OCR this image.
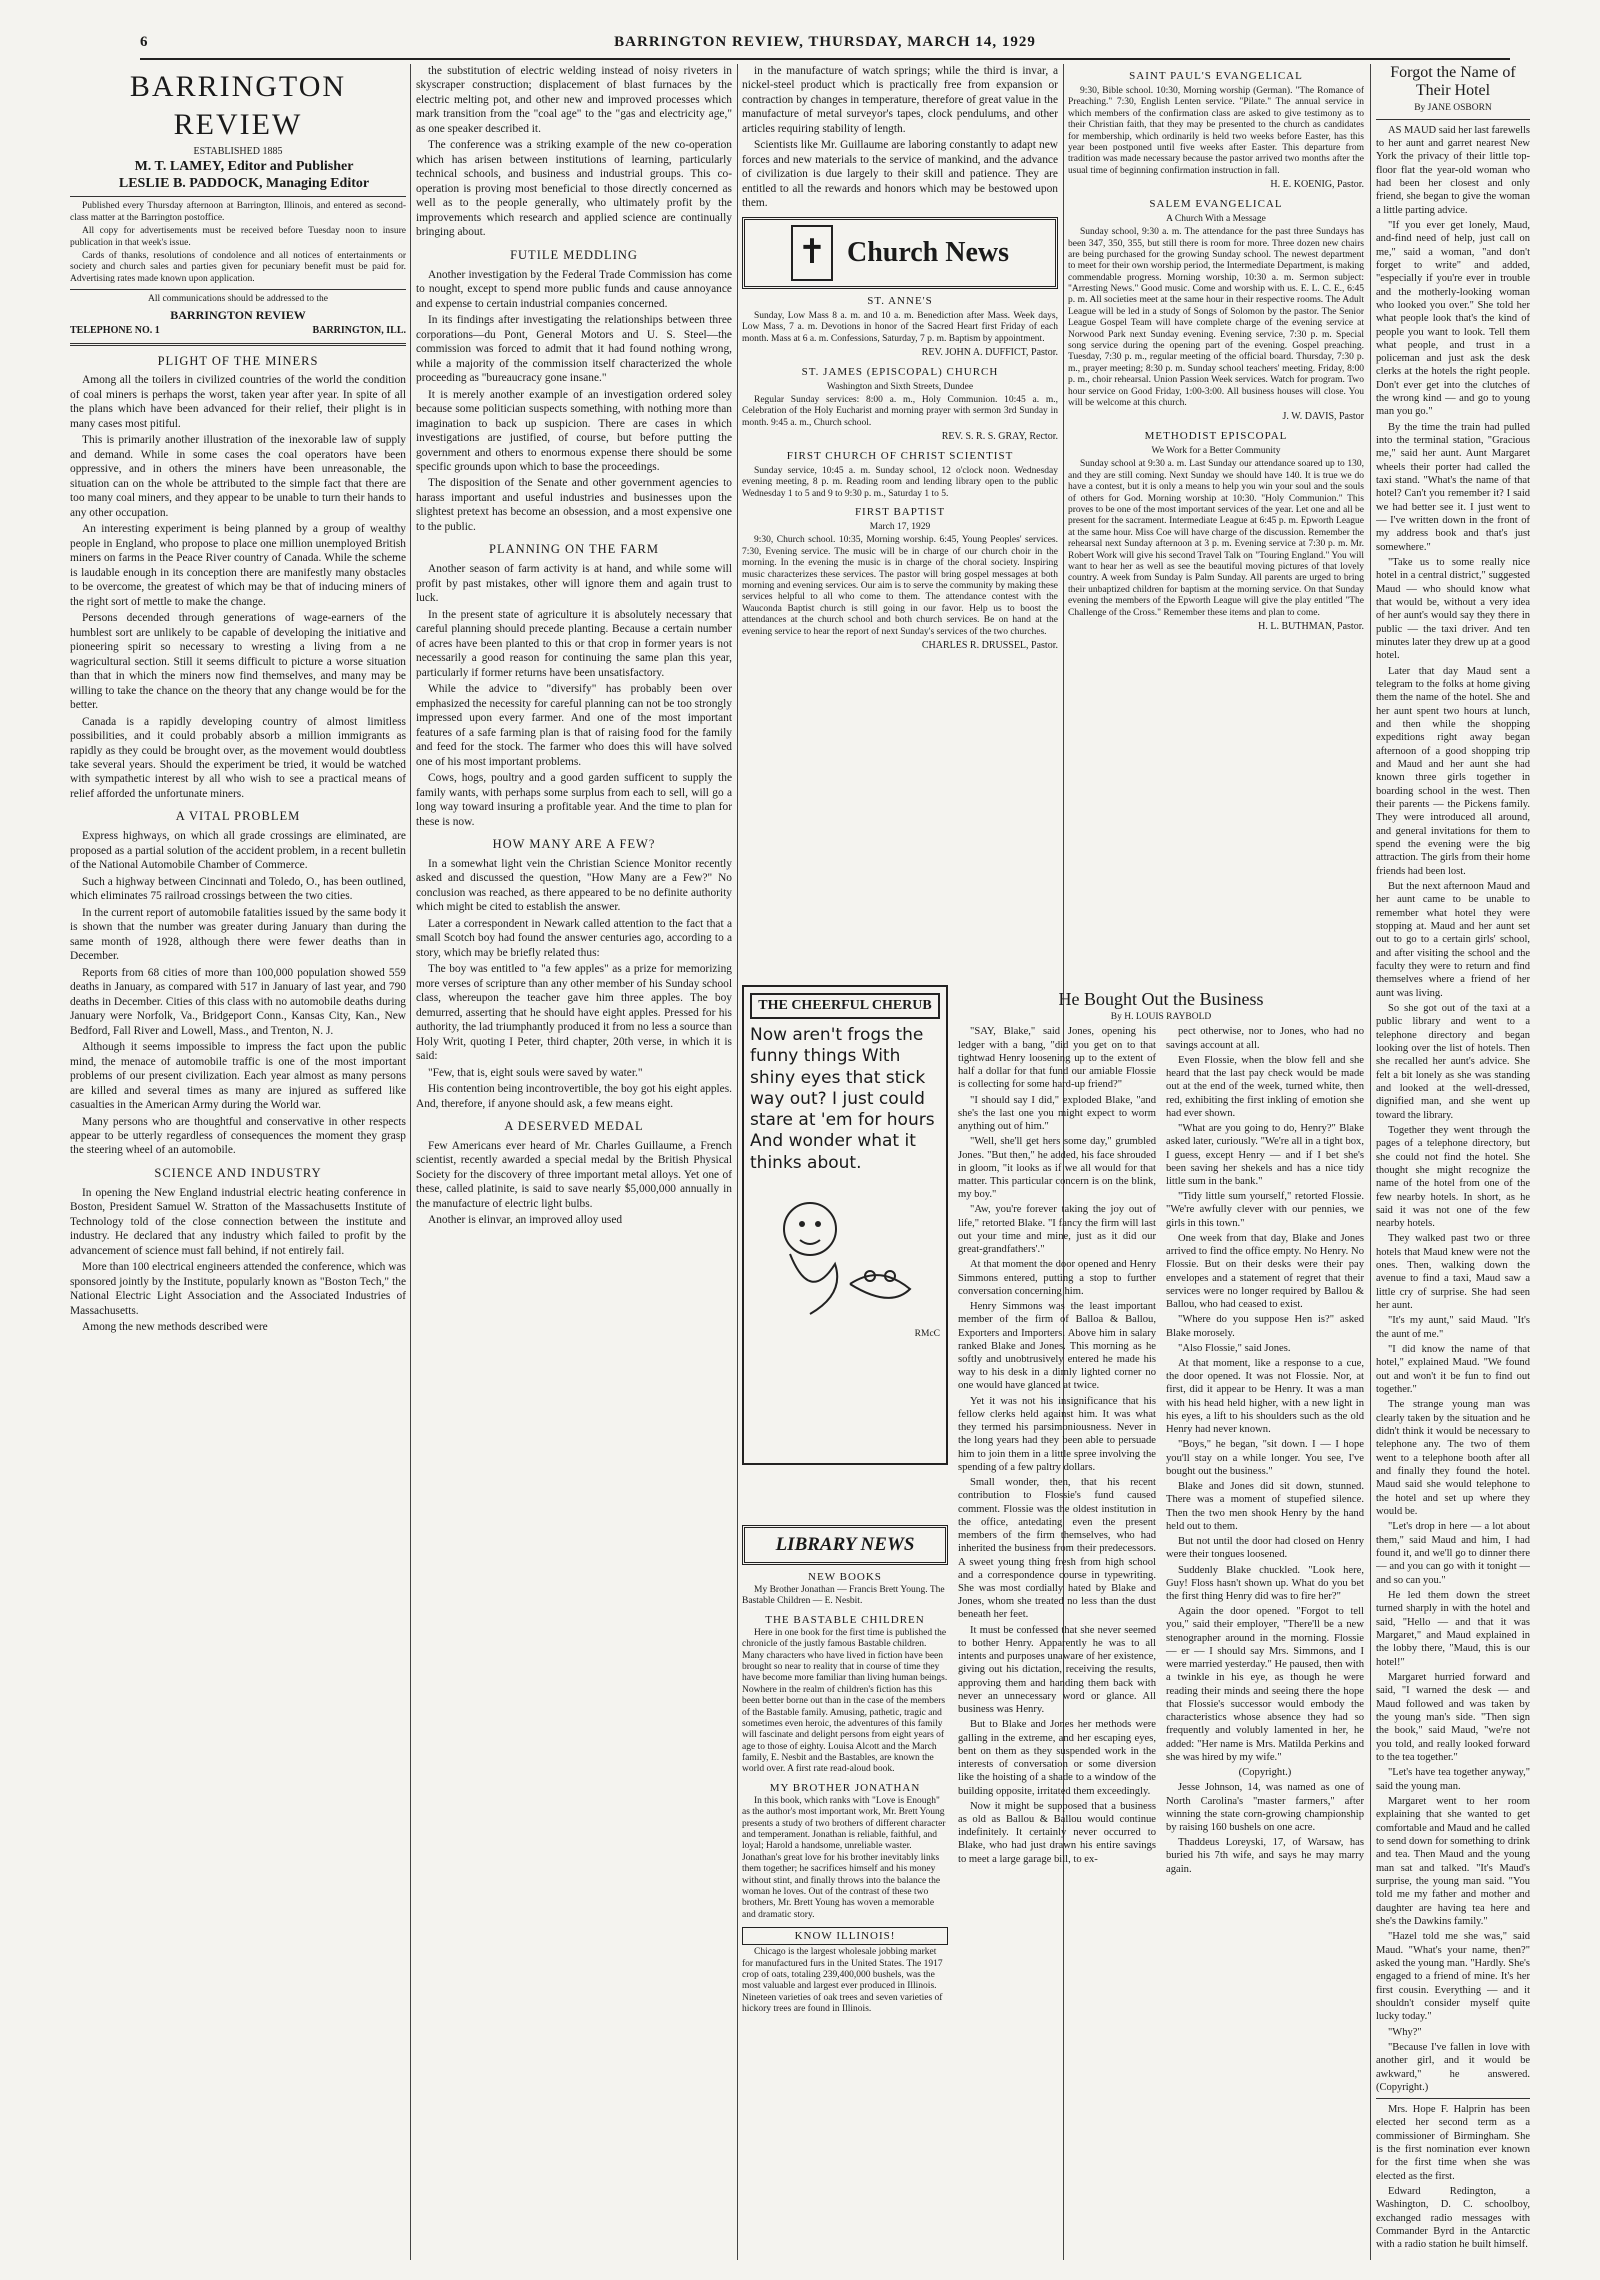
6	BARRINGTON REVIEW, THURSDAY, MARCH 14, 1929
BARRINGTON REVIEW
ESTABLISHED 1885

M. T. LAMEY, Editor and Publisher

LESLIE B. PADDOCK, Managing Editor

Published every Thursday afternoon at Barrington, Illinois, and entered as second-class matter at the Barrington postoffice.

All copy for advertisements must be received before Tuesday noon to insure publication in that week's issue.

Cards of thanks, resolutions of condolence and all notices of entertainments or society and church sales and parties given for pecuniary benefit must be paid for. Advertising rates made known upon application.

All communications should be addressed to the

BARRINGTON REVIEW

TELEPHONE NO. 1	BARRINGTON, ILL.
PLIGHT OF THE MINERS

Among all the toilers in civilized countries of the world the condition of coal miners is perhaps the worst, taken year after year. In spite of all the plans which have been advanced for their relief, their plight is in many cases most pitiful.

This is primarily another illustration of the inexorable law of supply and demand. While in some cases the coal operators have been oppressive, and in others the miners have been unreasonable, the situation can on the whole be attributed to the simple fact that there are too many coal miners, and they appear to be unable to turn their hands to any other occupation.

An interesting experiment is being planned by a group of wealthy people in England, who propose to place one million unemployed British miners on farms in the Peace River country of Canada. While the scheme is laudable enough in its conception there are manifestly many obstacles to be overcome, the greatest of which may be that of inducing miners of the right sort of mettle to make the change.

Persons decended through generations of wage-earners of the humblest sort are unlikely to be capable of developing the initiative and pioneering spirit so necessary to wresting a living from a ne wagricultural section. Still it seems difficult to picture a worse situation than that in which the miners now find themselves, and many may be willing to take the chance on the theory that any change would be for the better.

Canada is a rapidly developing country of almost limitless possibilities, and it could probably absorb a million immigrants as rapidly as they could be brought over, as the movement would doubtless take several years. Should the experiment be tried, it would be watched with sympathetic interest by all who wish to see a practical means of relief afforded the unfortunate miners.

A VITAL PROBLEM

Express highways, on which all grade crossings are eliminated, are proposed as a partial solution of the accident problem, in a recent bulletin of the National Automobile Chamber of Commerce.

Such a highway between Cincinnati and Toledo, O., has been outlined, which eliminates 75 railroad crossings between the two cities.

In the current report of automobile fatalities issued by the same body it is shown that the number was greater during January than during the same month of 1928, although there were fewer deaths than in December.

Reports from 68 cities of more than 100,000 population showed 559 deaths in January, as compared with 517 in January of last year, and 790 deaths in December. Cities of this class with no automobile deaths during January were Norfolk, Va., Bridgeport Conn., Kansas City, Kan., New Bedford, Fall River and Lowell, Mass., and Trenton, N. J.

Although it seems impossible to impress the fact upon the public mind, the menace of automobile traffic is one of the most important problems of our present civilization. Each year almost as many persons are killed and several times as many are injured as suffered like casualties in the American Army during the World war.

Many persons who are thoughtful and conservative in other respects appear to be utterly regardless of consequences the moment they grasp the steering wheel of an automobile.

SCIENCE AND INDUSTRY

In opening the New England industrial electric heating conference in Boston, President Samuel W. Stratton of the Massachusetts Institute of Technology told of the close connection between the institute and industry. He declared that any industry which failed to profit by the advancement of science must fall behind, if not entirely fail.

More than 100 electrical engineers attended the conference, which was sponsored jointly by the Institute, popularly known as "Boston Tech," the National Electric Light Association and the Associated Industries of Massachusetts.

Among the new methods described were

the substitution of electric welding instead of noisy riveters in skyscraper construction; displacement of blast furnaces by the electric melting pot, and other new and improved processes which mark transition from the "coal age" to the "gas and electricity age," as one speaker described it.

The conference was a striking example of the new co-operation which has arisen between institutions of learning, particularly technical schools, and business and industrial groups. This co-operation is proving most beneficial to those directly concerned as well as to the people generally, who ultimately profit by the improvements which research and applied science are continually bringing about.

FUTILE MEDDLING

Another investigation by the Federal Trade Commission has come to nought, except to spend more public funds and cause annoyance and expense to certain industrial companies concerned.

In its findings after investigating the relationships between three corporations—du Pont, General Motors and U. S. Steel—the commission was forced to admit that it had found nothing wrong, while a majority of the commission itself characterized the whole proceeding as "bureaucracy gone insane."

It is merely another example of an investigation ordered soley because some politician suspects something, with nothing more than imagination to back up suspicion. There are cases in which investigations are justified, of course, but before putting the government and others to enormous expense there should be some specific grounds upon which to base the proceedings.

The disposition of the Senate and other government agencies to harass important and useful industries and businesses upon the slightest pretext has become an obsession, and a most expensive one to the public.

PLANNING ON THE FARM

Another season of farm activity is at hand, and while some will profit by past mistakes, other will ignore them and again trust to luck.

In the present state of agriculture it is absolutely necessary that careful planning should precede planting. Because a certain number of acres have been planted to this or that crop in former years is not necessarily a good reason for continuing the same plan this year, particularly if former returns have been unsatisfactory.

While the advice to "diversify" has probably been over emphasized the necessity for careful planning can not be too strongly impressed upon every farmer. And one of the most important features of a safe farming plan is that of raising food for the family and feed for the stock. The farmer who does this will have solved one of his most important problems.

Cows, hogs, poultry and a good garden sufficent to supply the family wants, with perhaps some surplus from each to sell, will go a long way toward insuring a profitable year. And the time to plan for these is now.

HOW MANY ARE A FEW?

In a somewhat light vein the Christian Science Monitor recently asked and discussed the question, "How Many are a Few?" No conclusion was reached, as there appeared to be no definite authority which might be cited to establish the answer.

Later a correspondent in Newark called attention to the fact that a small Scotch boy had found the answer centuries ago, according to a story, which may be briefly related thus:

The boy was entitled to "a few apples" as a prize for memorizing more verses of scripture than any other member of his Sunday school class, whereupon the teacher gave him three apples. The boy demurred, asserting that he should have eight apples. Pressed for his authority, the lad triumphantly produced it from no less a source than Holy Writ, quoting I Peter, third chapter, 20th verse, in which it is said:

"Few, that is, eight souls were saved by water."

His contention being incontrovertible, the boy got his eight apples. And, therefore, if anyone should ask, a few means eight.

A DESERVED MEDAL

Few Americans ever heard of Mr. Charles Guillaume, a French scientist, recently awarded a special medal by the British Physical Society for the discovery of three important metal alloys. Yet one of these, called platinite, is said to save nearly $5,000,000 annually in the manufacture of electric light bulbs.

Another is elinvar, an improved alloy used

in the manufacture of watch springs; while the third is invar, a nickel-steel product which is practically free from expansion or contraction by changes in temperature, therefore of great value in the manufacture of metal surveyor's tapes, clock pendulums, and other articles requiring stability of length.

Scientists like Mr. Guillaume are laboring constantly to adapt new forces and new materials to the service of mankind, and the advance of civilization is due largely to their skill and patience. They are entitled to all the rewards and honors which may be bestowed upon them.

✝ Church News
ST. ANNE'S

Sunday, Low Mass 8 a. m. and 10 a. m. Benediction after Mass. Week days, Low Mass, 7 a. m. Devotions in honor of the Sacred Heart first Friday of each month. Mass at 6 a. m. Confessions, Saturday, 7 p. m. Baptism by appointment.

REV. JOHN A. DUFFICT, Pastor.

ST. JAMES (EPISCOPAL) CHURCH

Washington and Sixth Streets, Dundee

Regular Sunday services: 8:00 a. m., Holy Communion. 10:45 a. m., Celebration of the Holy Eucharist and morning prayer with sermon 3rd Sunday in month. 9:45 a. m., Church school.

REV. S. R. S. GRAY, Rector.

FIRST CHURCH OF CHRIST SCIENTIST

Sunday service, 10:45 a. m. Sunday school, 12 o'clock noon. Wednesday evening meeting, 8 p. m. Reading room and lending library open to the public Wednesday 1 to 5 and 9 to 9:30 p. m., Saturday 1 to 5.

FIRST BAPTIST

March 17, 1929

9:30, Church school. 10:35, Morning worship. 6:45, Young Peoples' services. 7:30, Evening service. The music will be in charge of our church choir in the morning. In the evening the music is in charge of the choral society. Inspiring music characterizes these services. The pastor will bring gospel messages at both morning and evening services. Our aim is to serve the community by making these services helpful to all who come to them. The attendance contest with the Wauconda Baptist church is still going in our favor. Help us to boost the attendances at the church school and both church services. Be on hand at the evening service to hear the report of next Sunday's services of the two churches.

CHARLES R. DRUSSEL, Pastor.

SAINT PAUL'S EVANGELICAL

9:30, Bible school. 10:30, Morning worship (German). "The Romance of Preaching." 7:30, English Lenten service. "Pilate." The annual service in which members of the confirmation class are asked to give testimony as to their Christian faith, that they may be presented to the church as candidates for membership, which ordinarily is held two weeks before Easter, has this year been postponed until five weeks after Easter. This departure from tradition was made necessary because the pastor arrived two months after the usual time of beginning confirmation instruction in fall.

H. E. KOENIG, Pastor.

SALEM EVANGELICAL

A Church With a Message

Sunday school, 9:30 a. m. The attendance for the past three Sundays has been 347, 350, 355, but still there is room for more. Three dozen new chairs are being purchased for the growing Sunday school. The newest department to meet for their own worship period, the Intermediate Department, is making commendable progress. Morning worship, 10:30 a. m. Sermon subject: "Arresting News." Good music. Come and worship with us. E. L. C. E., 6:45 p. m. All societies meet at the same hour in their respective rooms. The Adult League will be led in a study of Songs of Solomon by the pastor. The Senior League Gospel Team will have complete charge of the evening service at Norwood Park next Sunday evening. Evening service, 7:30 p. m. Special song service during the opening part of the evening. Gospel preaching. Tuesday, 7:30 p. m., regular meeting of the official board. Thursday, 7:30 p. m., prayer meeting; 8:30 p. m. Sunday school teachers' meeting. Friday, 8:00 p. m., choir rehearsal. Union Passion Week services. Watch for program. Two hour service on Good Friday, 1:00-3:00. All business houses will close. You will be welcome at this church.

J. W. DAVIS, Pastor

METHODIST EPISCOPAL

We Work for a Better Community

Sunday school at 9:30 a. m. Last Sunday our attendance soared up to 130, and they are still coming. Next Sunday we should have 140. It is true we do have a contest, but it is only a means to help you win your soul and the souls of others for God. Morning worship at 10:30. "Holy Communion." This proves to be one of the most important services of the year. Let one and all be present for the sacrament. Intermediate League at 6:45 p. m. Epworth League at the same hour. Miss Coe will have charge of the discussion. Remember the rehearsal next Sunday afternoon at 3 p. m. Evening service at 7:30 p. m. Mr. Robert Work will give his second Travel Talk on "Touring England." You will want to hear her as well as see the beautiful moving pictures of that lovely country. A week from Sunday is Palm Sunday. All parents are urged to bring their unbaptized children for baptism at the morning service. On that Sunday evening the members of the Epworth League will give the play entitled "The Challenge of the Cross." Remember these items and plan to come.

H. L. BUTHMAN, Pastor.

THE CHEERFUL CHERUB
Now aren't frogs the funny things With shiny eyes that stick way out? I just could stare at 'em for hours And wonder what it thinks about.
RMcC
LIBRARY NEWS
NEW BOOKS

My Brother Jonathan — Francis Brett Young. The Bastable Children — E. Nesbit.

THE BASTABLE CHILDREN

Here in one book for the first time is published the chronicle of the justly famous Bastable children. Many characters who have lived in fiction have been brought so near to reality that in course of time they have become more familiar than living human beings. Nowhere in the realm of children's fiction has this been better borne out than in the case of the members of the Bastable family. Amusing, pathetic, tragic and sometimes even heroic, the adventures of this family will fascinate and delight persons from eight years of age to those of eighty. Louisa Alcott and the March family, E. Nesbit and the Bastables, are known the world over. A first rate read-aloud book.

MY BROTHER JONATHAN

In this book, which ranks with "Love is Enough" as the author's most important work, Mr. Brett Young presents a study of two brothers of different character and temperament. Jonathan is reliable, faithful, and loyal; Harold a handsome, unreliable waster. Jonathan's great love for his brother inevitably links them together; he sacrifices himself and his money without stint, and finally throws into the balance the woman he loves. Out of the contrast of these two brothers, Mr. Brett Young has woven a memorable and dramatic story.

KNOW ILLINOIS!

Chicago is the largest wholesale jobbing market for manufactured furs in the United States. The 1917 crop of oats, totaling 239,400,000 bushels, was the most valuable and largest ever produced in Illinois. Nineteen varieties of oak trees and seven varieties of hickory trees are found in Illinois.

He Bought Out the Business

By H. LOUIS RAYBOLD

"SAY, Blake," said Jones, opening his ledger with a bang, "did you get on to that tightwad Henry loosening up to the extent of half a dollar for that fund our amiable Flossie is collecting for some hard-up friend?"

"I should say I did," exploded Blake, "and she's the last one you might expect to worm anything out of him."

"Well, she'll get hers some day," grumbled Jones. "But then," he added, his face shrouded in gloom, "it looks as if we all would for that matter. This particular concern is on the blink, my boy."

"Aw, you're forever taking the joy out of life," retorted Blake. "I fancy the firm will last out your time and mine, just as it did our great-grandfathers'."

At that moment the door opened and Henry Simmons entered, putting a stop to further conversation concerning him.

Henry Simmons was the least important member of the firm of Balloa & Ballou, Exporters and Importers. Above him in salary ranked Blake and Jones. This morning as he softly and unobtrusively entered he made his way to his desk in a dimly lighted corner no one would have glanced at twice.

Yet it was not his insignificance that his fellow clerks held against him. It was what they termed his parsimoniousness. Never in the long years had they been able to persuade him to join them in a little spree involving the spending of a few paltry dollars.

Small wonder, then, that his recent contribution to Flossie's fund caused comment. Flossie was the oldest institution in the office, antedating even the present members of the firm themselves, who had inherited the business from their predecessors. A sweet young thing fresh from high school and a correspondence course in typewriting. She was most cordially hated by Blake and Jones, whom she treated no less than the dust beneath her feet.

It must be confessed that she never seemed to bother Henry. Apparently he was to all intents and purposes unaware of her existence, giving out his dictation, receiving the results, approving them and handing them back with never an unnecessary word or glance. All business was Henry.

But to Blake and Jones her methods were galling in the extreme, and her escaping eyes, bent on them as they suspended work in the interests of conversation or some diversion like the hoisting of a shade to a window of the building opposite, irritated them exceedingly.

Now it might be supposed that a business as old as Ballou & Ballou would continue indefinitely. It certainly never occurred to Blake, who had just drawn his entire savings to meet a large garage bill, to ex-

pect otherwise, nor to Jones, who had no savings account at all.

Even Flossie, when the blow fell and she heard that the last pay check would be made out at the end of the week, turned white, then red, exhibiting the first inkling of emotion she had ever shown.

"What are you going to do, Henry?" Blake asked later, curiously. "We're all in a tight box, I guess, except Henry — and if I bet she's been saving her shekels and has a nice tidy little sum in the bank."

"Tidy little sum yourself," retorted Flossie. "We're awfully clever with our pennies, we girls in this town."

One week from that day, Blake and Jones arrived to find the office empty. No Henry. No Flossie. But on their desks were their pay envelopes and a statement of regret that their services were no longer required by Ballou & Ballou, who had ceased to exist.

"Where do you suppose Hen is?" asked Blake morosely.

"Also Flossie," said Jones.

At that moment, like a response to a cue, the door opened. It was not Flossie. Nor, at first, did it appear to be Henry. It was a man with his head held higher, with a new light in his eyes, a lift to his shoulders such as the old Henry had never known.

"Boys," he began, "sit down. I — I hope you'll stay on a while longer. You see, I've bought out the business."

Blake and Jones did sit down, stunned. There was a moment of stupefied silence. Then the two men shook Henry by the hand held out to them.

But not until the door had closed on Henry were their tongues loosened.

Suddenly Blake chuckled. "Look here, Guy! Floss hasn't shown up. What do you bet the first thing Henry did was to fire her?"

Again the door opened. "Forgot to tell you," said their employer, "There'll be a new stenographer around in the morning. Flossie — er — I should say Mrs. Simmons, and I were married yesterday." He paused, then with a twinkle in his eye, as though he were reading their minds and seeing there the hope that Flossie's successor would embody the characteristics whose absence they had so frequently and volubly lamented in her, he added: "Her name is Mrs. Matilda Perkins and she was hired by my wife."

(Copyright.)

Jesse Johnson, 14, was named as one of North Carolina's "master farmers," after winning the state corn-growing championship by raising 160 bushels on one acre.

Thaddeus Loreyski, 17, of Warsaw, has buried his 7th wife, and says he may marry again.

Forgot the Name of Their Hotel

By JANE OSBORN

AS MAUD said her last farewells to her aunt and garret nearest New York the privacy of their little top-floor flat the year-old woman who had been her closest and only friend, she began to give the woman a little parting advice.

"If you ever get lonely, Maud, and-find need of help, just call on me," said a woman, "and don't forget to write" and added, "especially if you're ever in trouble and the motherly-looking woman who looked you over." She told her what people look that's the kind of people you want to look. Tell them what people, and trust in a policeman and just ask the desk clerks at the hotels the right people. Don't ever get into the clutches of the wrong kind — and go to young man you go."

By the time the train had pulled into the terminal station, "Gracious me," said her aunt. Aunt Margaret wheels their porter had called the taxi stand. "What's the name of that hotel? Can't you remember it? I said we had better see it. I just went to — I've written down in the front of my address book and that's just somewhere."

"Take us to some really nice hotel in a central district," suggested Maud — who should know what that would be, without a very idea of her aunt's would say they there in public — the taxi driver. And ten minutes later they drew up at a good hotel.

Later that day Maud sent a telegram to the folks at home giving them the name of the hotel. She and her aunt spent two hours at lunch, and then while the shopping expeditions right away began afternoon of a good shopping trip and Maud and her aunt she had known three girls together in boarding school in the west. Then their parents — the Pickens family. They were introduced all around, and general invitations for them to spend the evening were the big attraction. The girls from their home friends had been lost.

But the next afternoon Maud and her aunt came to be unable to remember what hotel they were stopping at. Maud and her aunt set out to go to a certain girls' school, and after visiting the school and the faculty they were to return and find themselves where a friend of her aunt was living.

So she got out of the taxi at a public library and went to a telephone directory and began looking over the list of hotels. Then she recalled her aunt's advice. She felt a bit lonely as she was standing and looked at the well-dressed, dignified man, and she went up toward the library.

Together they went through the pages of a telephone directory, but she could not find the hotel. She thought she might recognize the name of the hotel from one of the few nearby hotels. In short, as he said it was not one of the few nearby hotels.

They walked past two or three hotels that Maud knew were not the ones. Then, walking down the avenue to find a taxi, Maud saw a little cry of surprise. She had seen her aunt.

"It's my aunt," said Maud. "It's the aunt of me."

"I did know the name of that hotel," explained Maud. "We found out and won't it be fun to find out together."

The strange young man was clearly taken by the situation and he didn't think it would be necessary to telephone any. The two of them went to a telephone booth after all and finally they found the hotel. Maud said she would telephone to the hotel and set up where they would be.

"Let's drop in here — a lot about them," said Maud and him, I had found it, and we'll go to dinner there — and you can go with it tonight — and so can you."

He led them down the street turned sharply in with the hotel and said, "Hello — and that it was Margaret," and Maud explained in the lobby there, "Maud, this is our hotel!"

Margaret hurried forward and said, "I warned the desk — and Maud followed and was taken by the young man's side. "Then sign the book," said Maud, "we're not you told, and really looked forward to the tea together."

"Let's have tea together anyway," said the young man.

Margaret went to her room explaining that she wanted to get comfortable and Maud and he called to send down for something to drink and tea. Then Maud and the young man sat and talked. "It's Maud's surprise, the young man said. "You told me my father and mother and daughter are having tea here and she's the Dawkins family."

"Hazel told me she was," said Maud. "What's your name, then?" asked the young man. "Hardly. She's engaged to a friend of mine. It's her first cousin. Everything — and it shouldn't consider myself quite lucky today."

"Why?"

"Because I've fallen in love with another girl, and it would be awkward," he answered. (Copyright.)

Mrs. Hope F. Halprin has been elected her second term as a commissioner of Birmingham. She is the first nomination ever known for the first time when she was elected as the first.

Edward Redington, a Washington, D. C. schoolboy, exchanged radio messages with Commander Byrd in the Antarctic with a radio station he built himself.
